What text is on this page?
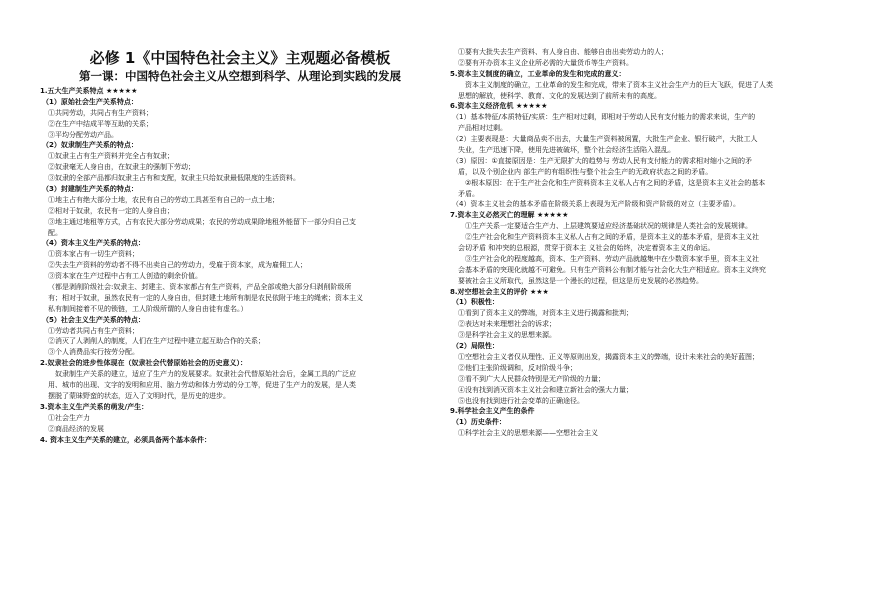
必修 1《中国特色社会主义》主观题必备模板
第一课：中国特色社会主义从空想到科学、从理论到实践的发展
1.五大生产关系特点 ★★★★★
（1）原始社会生产关系特点：
①共同劳动，共同占有生产资料；
②在生产中结成平等互助的关系；
③平均分配劳动产品。
（2）奴隶制生产关系的特点：
①奴隶主占有生产资料并完全占有奴隶；
②奴隶毫无人身自由，在奴隶主的强制下劳动；
③奴隶的全部产品都归奴隶主占有和支配，奴隶主只给奴隶最低限度的生活资料。
（3）封建制生产关系的特点：
①地主占有绝大部分土地，农民有自己的劳动工具甚至有自己的一点土地；
②相对于奴隶，农民有一定的人身自由；
③地主通过地租等方式，占有农民大部分劳动成果；农民的劳动成果除地租外能留下一部分归自己支
配。
（4）资本主义生产关系的特点：
①资本家占有一切生产资料；
②失去生产资料的劳动者不得不出卖自己的劳动力，受雇于资本家，成为雇佣工人；
③资本家在生产过程中占有工人创造的剩余价值。
（都是剥削阶级社会:奴隶主、封建主、资本家都占有生产资料，产品全部或绝大部分归剥削阶级所
有；相对于奴隶，虽然农民有一定的人身自由，但封建土地所有制是农民依附于地主的绳索；资本主义
私有制间接着不见的锁链，工人阶级所谓的人身自由徒有虚名。）
（5）社会主义生产关系的特点：
①劳动者共同占有生产资料；
②消灭了人剥削人的制度，人们在生产过程中建立起互助合作的关系；
③个人消费品实行按劳分配。
2.奴隶社会的进步性体现在（奴隶社会代替原始社会的历史意义）：
　奴隶制生产关系的建立，适应了生产力的发展要求。奴隶社会代替原始社会后，金属工具的广泛应
用、城市的出现、文字的发明和应用、脑力劳动和体力劳动的分工等，促进了生产力的发展，是人类
摆脱了蒙昧野蛮的状态，迈入了文明时代，是历史的进步。
3.资本主义生产关系的萌发/产生：
①社会生产力
②商品经济的发展
4. 资本主义生产关系的建立，必须具备两个基本条件：
①要有大批失去生产资料、有人身自由、能够自由出卖劳动力的人；
②要有开办资本主义企业所必需的大量货币等生产资料。
5.资本主义制度的确立，工业革命的发生和完成的意义：
　资本主义制度的确立，工业革命的发生和完成，带来了资本主义社会生产力的巨大飞跃，促进了人类
思想的解放，使科学、教育、文化的发展达到了前所未有的高度。
6.资本主义经济危机 ★★★★★
（1）基本特征/本质特征/实质：生产相对过剩，即相对于劳动人民有支付能力的需求来说，生产的
产品相对过剩。
（2）主要表现是：大量商品卖不出去，大量生产资料被闲置，大批生产企业、银行破产，大批工人
失业，生产迅速下降，使用先进被破坏，整个社会经济生活陷入混乱。
（3）原因：①直接原因是：生产无限扩大的趋势与 劳动人民有支付能力的需求相对缩小之间的矛
盾，以及个别企业内 部生产的有组织性与整个社会生产的无政府状态之间的矛盾。
　②根本原因：在于生产社会化和生产资料资本主义私人占有之间的矛盾，这是资本主义社会的基本
矛盾。
（4）资本主义社会的基本矛盾在阶级关系上表现为无产阶级和资产阶级的对立（主要矛盾）。
7.资本主义必然灭亡的理解 ★★★★★
　①生产关系一定要适合生产力、上层建筑要适应经济基础状况的规律是人类社会的发展规律。
　②生产社会化和生产资料资本主义私人占有之间的矛盾，是资本主义的基本矛盾，是资本主义社
会切矛盾 和冲突的总根源，贯穿于资本主 义社会的始终，决定着资本主义的命运。
　③生产社会化的程度越高，资本、生产资料、劳动产品就越集中在少数资本家手里，资本主义社
会基本矛盾的突现化就越不可避免。只有生产资料公有制才能与社会化大生产相适应。资本主义终究
要被社会主义所取代，虽然这是一个漫长的过程，但这是历史发展的必然趋势。
8.对空想社会主义的评价 ★★★
（1）积极性：
①看到了资本主义的弊端，对资本主义进行揭露和批判；
②表达对未来理想社会的诉求；
③是科学社会主义的思想来源。
（2）局限性：
①空想社会主义者仅从理性、正义等原则出发，揭露资本主义的弊端，设计未来社会的美好蓝图；
②他们主张阶级调和，反对阶级斗争；
③看不到广大人民群众特别是无产阶级的力量；
④没有找到消灭资本主义社会和建立新社会的强大力量；
⑤也没有找到进行社会变革的正确途径。
9.科学社会主义产生的条件
（1）历史条件：
①科学社会主义的思想来源——空想社会主义
